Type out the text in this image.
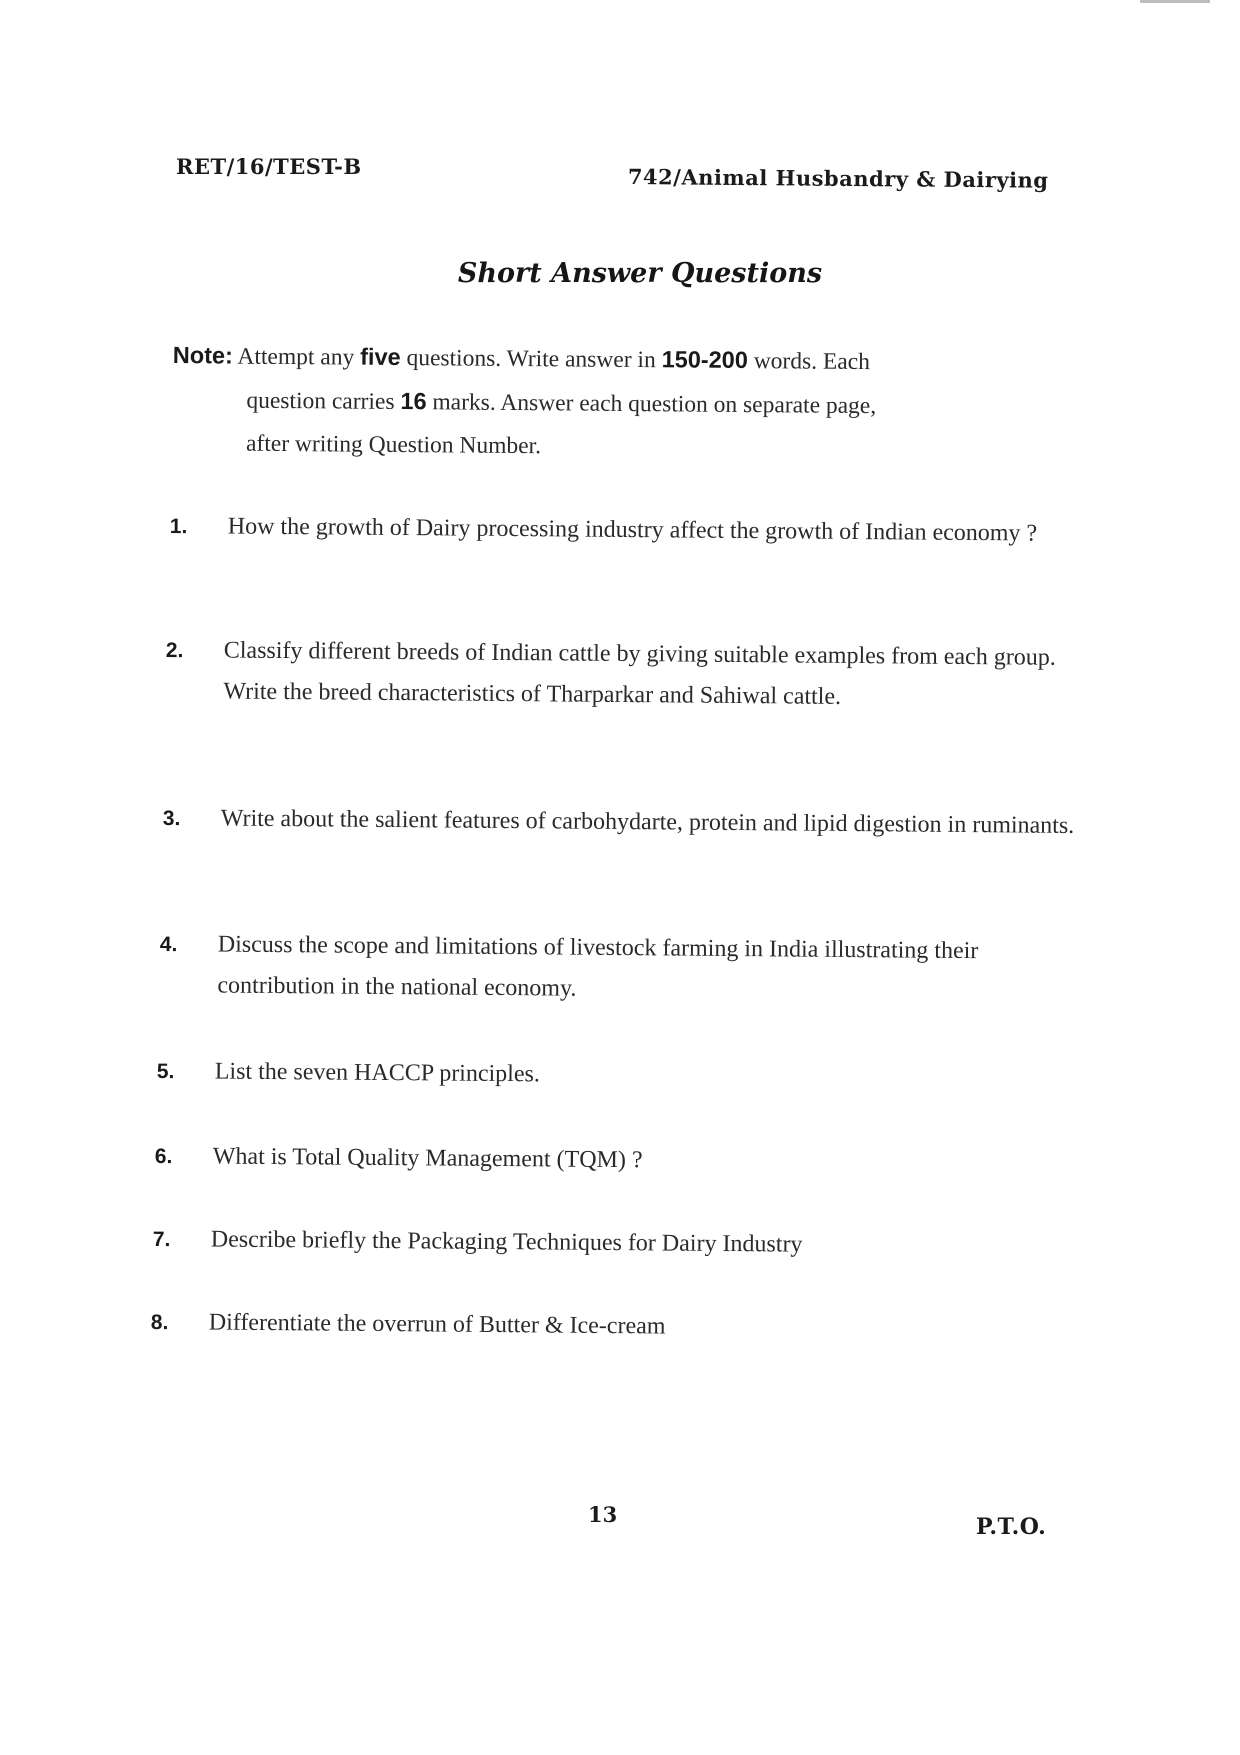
RET/16/TEST-B	742/Animal Husbandry & Dairying
Short Answer Questions
Note: Attempt any five questions. Write answer in 150-200 words. Each
question carries 16 marks. Answer each question on separate page,
after writing Question Number.
1. How the growth of Dairy processing industry affect the growth of Indian economy ?
2. Classify different breeds of Indian cattle by giving suitable examples from each group. Write the breed characteristics of Tharparkar and Sahiwal cattle.
3. Write about the salient features of carbohydarte, protein and lipid digestion in ruminants.
4. Discuss the scope and limitations of livestock farming in India illustrating their contribution in the national economy.
5. List the seven HACCP principles.
6. What is Total Quality Management (TQM) ?
7. Describe briefly the Packaging Techniques for Dairy Industry
8. Differentiate the overrun of Butter & Ice-cream
13	P.T.O.
